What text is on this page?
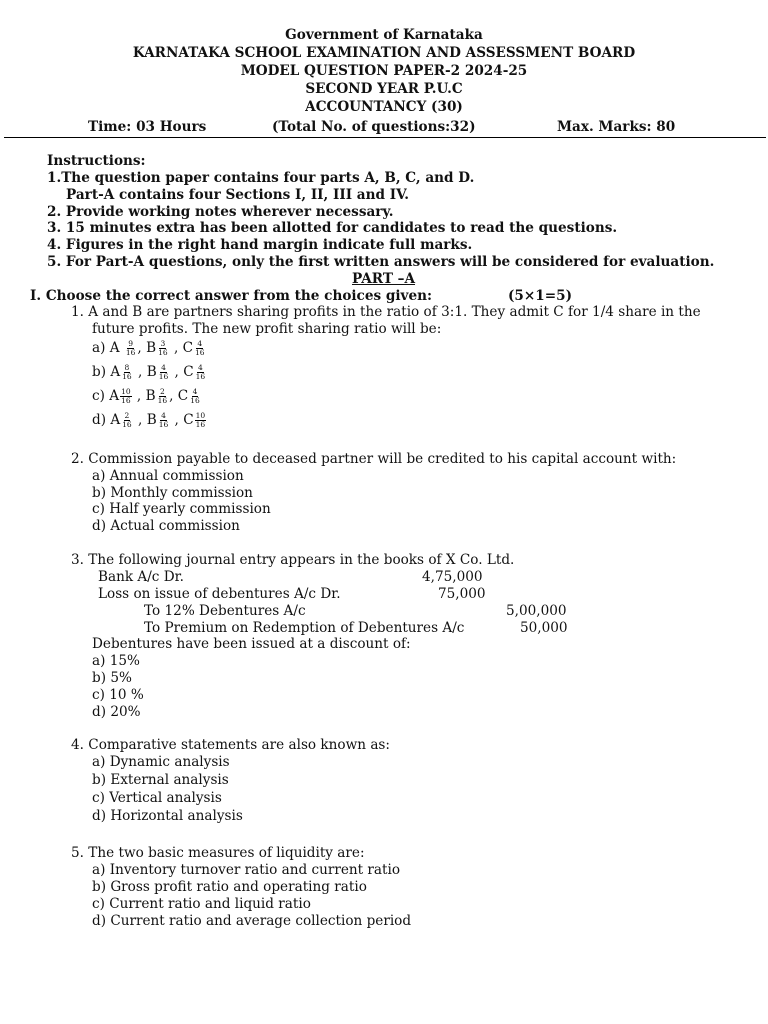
Government of Karnataka
KARNATAKA SCHOOL EXAMINATION AND ASSESSMENT BOARD
MODEL QUESTION PAPER-2 2024-25
SECOND YEAR P.U.C
ACCOUNTANCY (30)
Time: 03 Hours	(Total No. of questions:32)	Max. Marks: 80
Instructions:
1.The question paper contains four parts A, B, C, and D.
Part-A contains four Sections I, II, III and IV.
2. Provide working notes wherever necessary.
3. 15 minutes extra has been allotted for candidates to read the questions.
4. Figures in the right hand margin indicate full marks.
5. For Part-A questions, only the first written answers will be considered for evaluation.
PART –A
I. Choose the correct answer from the choices given:	(5×1=5)
1. A and B are partners sharing profits in the ratio of 3:1. They admit C for 1/4 share in the
future profits. The new profit sharing ratio will be:
a) A $\frac{9}{16}$ , B $\frac{3}{16}$ , C $\frac{4}{16}$
b) A $\frac{8}{16}$ , B $\frac{4}{16}$ , C $\frac{4}{16}$
c) A $\frac{10}{16}$ , B $\frac{2}{16}$ , C $\frac{4}{16}$
d) A $\frac{2}{16}$ , B $\frac{4}{16}$ , C $\frac{10}{16}$
2. Commission payable to deceased partner will be credited to his capital account with:
a) Annual commission
b) Monthly commission
c) Half yearly commission
d) Actual commission
3. The following journal entry appears in the books of X Co. Ltd.
Bank A/c Dr.	4,75,000
Loss on issue of debentures A/c Dr.	75,000
To 12% Debentures A/c	5,00,000
To Premium on Redemption of Debentures A/c	50,000
Debentures have been issued at a discount of:
a) 15%
b) 5%
c) 10 %
d) 20%
4. Comparative statements are also known as:
a) Dynamic analysis
b) External analysis
c) Vertical analysis
d) Horizontal analysis
5. The two basic measures of liquidity are:
a) Inventory turnover ratio and current ratio
b) Gross profit ratio and operating ratio
c) Current ratio and liquid ratio
d) Current ratio and average collection period
